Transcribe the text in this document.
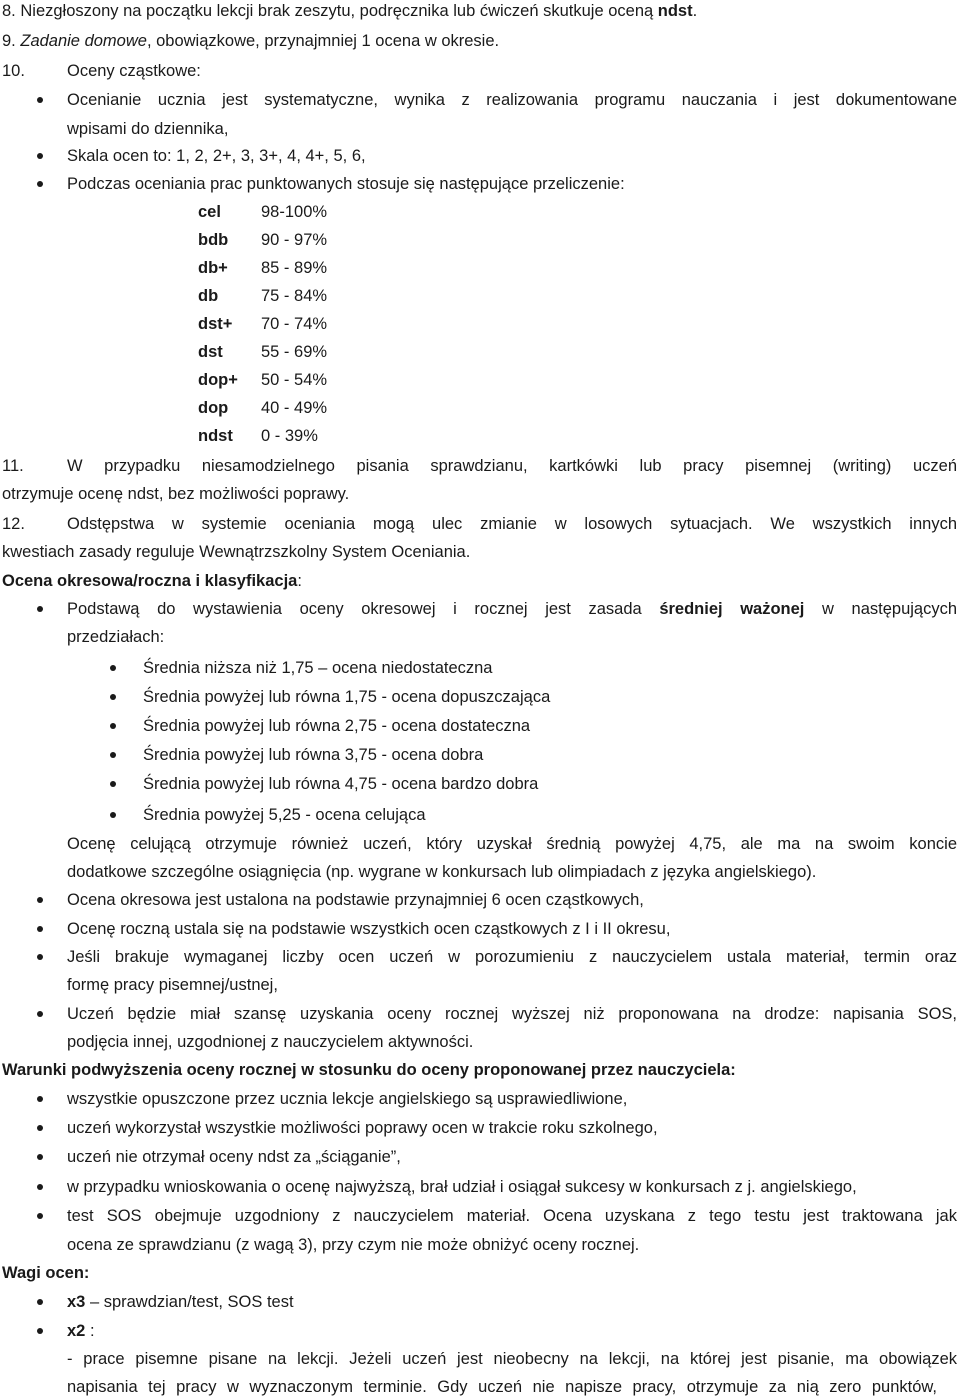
8. Niezgłoszony na początku lekcji brak zeszytu, podręcznika lub ćwiczeń skutkuje oceną ndst.
9. Zadanie domowe, obowiązkowe, przynajmniej 1 ocena w okresie.
10.	Oceny cząstkowe:
Ocenianie ucznia jest systematyczne, wynika z realizowania programu nauczania i jest dokumentowane
wpisami do dziennika,
Skala ocen to: 1, 2, 2+, 3, 3+, 4, 4+, 5, 6,
Podczas oceniania prac punktowanych stosuje się następujące przeliczenie:
cel	98-100%
bdb	90 - 97%
db+	85 - 89%
db	75 - 84%
dst+	70 - 74%
dst	55 - 69%
dop+	50 - 54%
dop	40 - 49%
ndst	0 - 39%
11.	W przypadku niesamodzielnego pisania sprawdzianu, kartkówki lub pracy pisemnej (writing) uczeń
otrzymuje ocenę ndst, bez możliwości poprawy.
12.	Odstępstwa w systemie oceniania mogą ulec zmianie w losowych sytuacjach. We wszystkich innych
kwestiach zasady reguluje Wewnątrzszkolny System Oceniania.
Ocena okresowa/roczna i klasyfikacja:
Podstawą do wystawienia oceny okresowej i rocznej jest zasada średniej ważonej w następujących
przedziałach:
Średnia niższa niż 1,75 – ocena niedostateczna
Średnia powyżej lub równa 1,75 - ocena dopuszczająca
Średnia powyżej lub równa 2,75 - ocena dostateczna
Średnia powyżej lub równa 3,75 - ocena dobra
Średnia powyżej lub równa 4,75 - ocena bardzo dobra
Średnia powyżej 5,25 - ocena celująca
Ocenę celującą otrzymuje również uczeń, który uzyskał średnią powyżej 4,75, ale ma na swoim koncie
dodatkowe szczególne osiągnięcia (np. wygrane w konkursach lub olimpiadach z języka angielskiego).
Ocena okresowa jest ustalona na podstawie przynajmniej 6 ocen cząstkowych,
Ocenę roczną ustala się na podstawie wszystkich ocen cząstkowych z I i II okresu,
Jeśli brakuje wymaganej liczby ocen uczeń w porozumieniu z nauczycielem ustala materiał, termin oraz
formę pracy pisemnej/ustnej,
Uczeń będzie miał szansę uzyskania oceny rocznej wyższej niż proponowana na drodze: napisania SOS,
podjęcia innej, uzgodnionej z nauczycielem aktywności.
Warunki podwyższenia oceny rocznej w stosunku do oceny proponowanej przez nauczyciela:
wszystkie opuszczone przez ucznia lekcje angielskiego są usprawiedliwione,
uczeń wykorzystał wszystkie możliwości poprawy ocen w trakcie roku szkolnego,
uczeń nie otrzymał oceny ndst za „ściąganie”,
w przypadku wnioskowania o ocenę najwyższą, brał udział i osiągał sukcesy w konkursach z j. angielskiego,
test SOS obejmuje uzgodniony z nauczycielem materiał. Ocena uzyskana z tego testu jest traktowana jak
ocena ze sprawdzianu (z wagą 3), przy czym nie może obniżyć oceny rocznej.
Wagi ocen:
x3 – sprawdzian/test, SOS test
x2 :
- prace pisemne pisane na lekcji. Jeżeli uczeń jest nieobecny na lekcji, na której jest pisanie, ma obowiązek
napisania tej pracy w wyznaczonym terminie. Gdy uczeń nie napisze pracy, otrzymuje za nią zero punktów,
